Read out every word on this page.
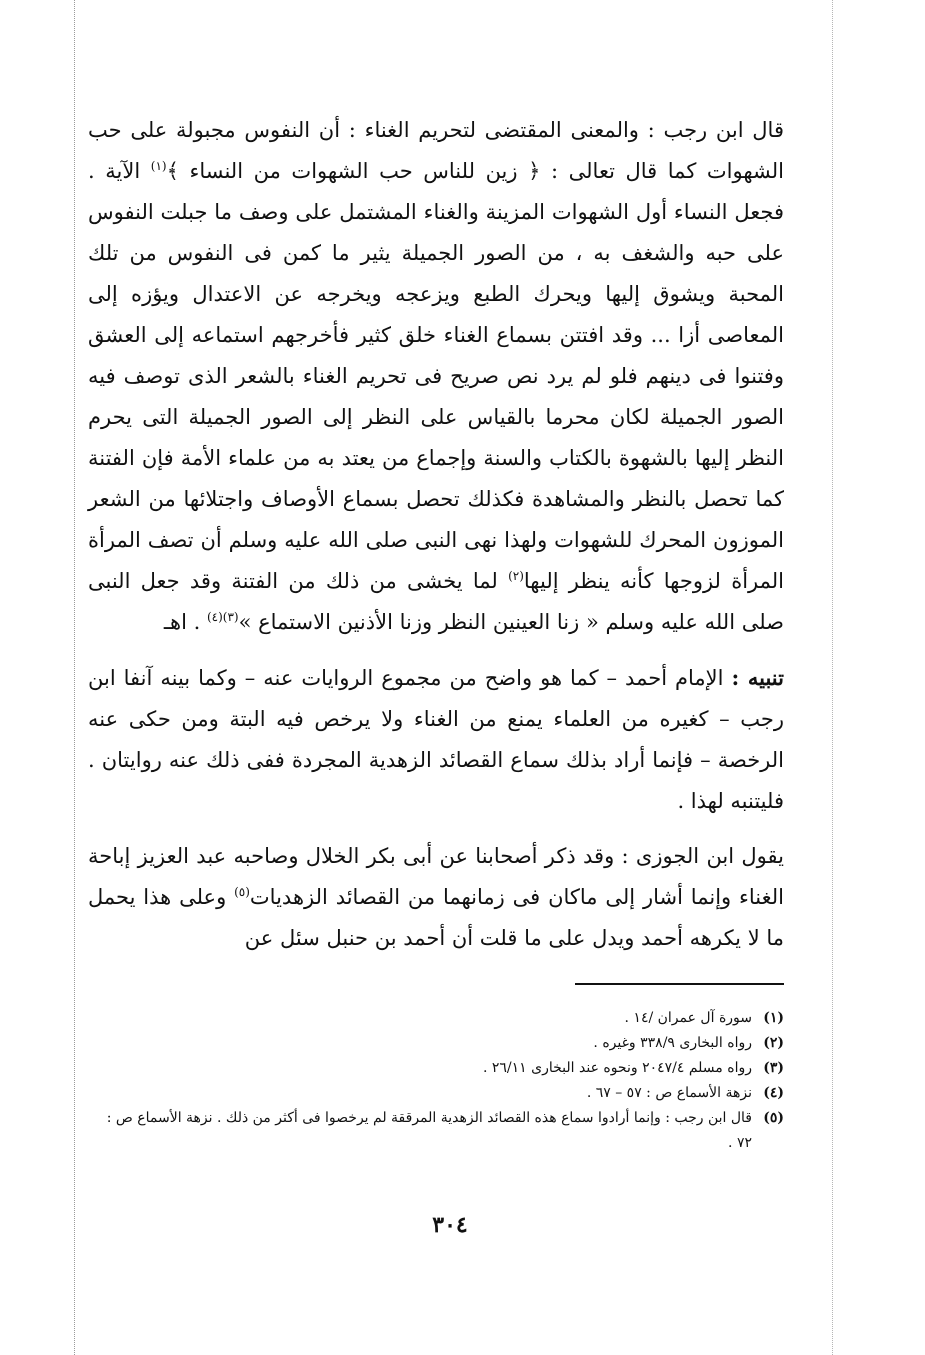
قال ابن رجب : والمعنى المقتضى لتحريم الغناء : أن النفوس مجبولة على حب الشهوات كما قال تعالى : ﴿ زين للناس حب الشهوات من النساء ﴾$^{(١)}$ الآية . فجعل النساء أول الشهوات المزينة والغناء المشتمل على وصف ما جبلت النفوس على حبه والشغف به ، من الصور الجميلة يثير ما كمن فى النفوس من تلك المحبة ويشوق إليها ويحرك الطبع ويزعجه ويخرجه عن الاعتدال ويؤزه إلى المعاصى أزا ... وقد افتتن بسماع الغناء خلق كثير فأخرجهم استماعه إلى العشق وفتنوا فى دينهم فلو لم يرد نص صريح فى تحريم الغناء بالشعر الذى توصف فيه الصور الجميلة لكان محرما بالقياس على النظر إلى الصور الجميلة التى يحرم النظر إليها بالشهوة بالكتاب والسنة وإجماع من يعتد به من علماء الأمة فإن الفتنة كما تحصل بالنظر والمشاهدة فكذلك تحصل بسماع الأوصاف واجتلائها من الشعر الموزون المحرك للشهوات ولهذا نهى النبى صلى الله عليه وسلم أن تصف المرأة المرأة لزوجها كأنه ينظر إليها$^{(٢)}$ لما يخشى من ذلك من الفتنة وقد جعل النبى صلى الله عليه وسلم « زنا العينين النظر وزنا الأذنين الاستماع »$^{(٣)(٤)}$ . اهـ

تنبيه : الإمام أحمد – كما هو واضح من مجموع الروايات عنه – وكما بينه آنفا ابن رجب – كغيره من العلماء يمنع من الغناء ولا يرخص فيه البتة ومن حكى عنه الرخصة – فإنما أراد بذلك سماع القصائد الزهدية المجردة ففى ذلك عنه روايتان . فليتنبه لهذا .

يقول ابن الجوزى : وقد ذكر أصحابنا عن أبى بكر الخلال وصاحبه عبد العزيز إباحة الغناء وإنما أشار إلى ماكان فى زمانهما من القصائد الزهديات$^{(٥)}$ وعلى هذا يحمل ما لا يكرهه أحمد ويدل على ما قلت أن أحمد بن حنبل سئل عن

(١)
سورة آل عمران /١٤ .
(٢)
رواه البخارى ٣٣٨/٩ وغيره .
(٣)
رواه مسلم ٢٠٤٧/٤ ونحوه عند البخارى ٢٦/١١ .
(٤)
نزهة الأسماع ص : ٥٧ – ٦٧ .
(٥)
قال ابن رجب : وإنما أرادوا سماع هذه القصائد الزهدية المرققة لم يرخصوا فى أكثر من ذلك . نزهة الأسماع ص : ٧٢ .
٣٠٤
